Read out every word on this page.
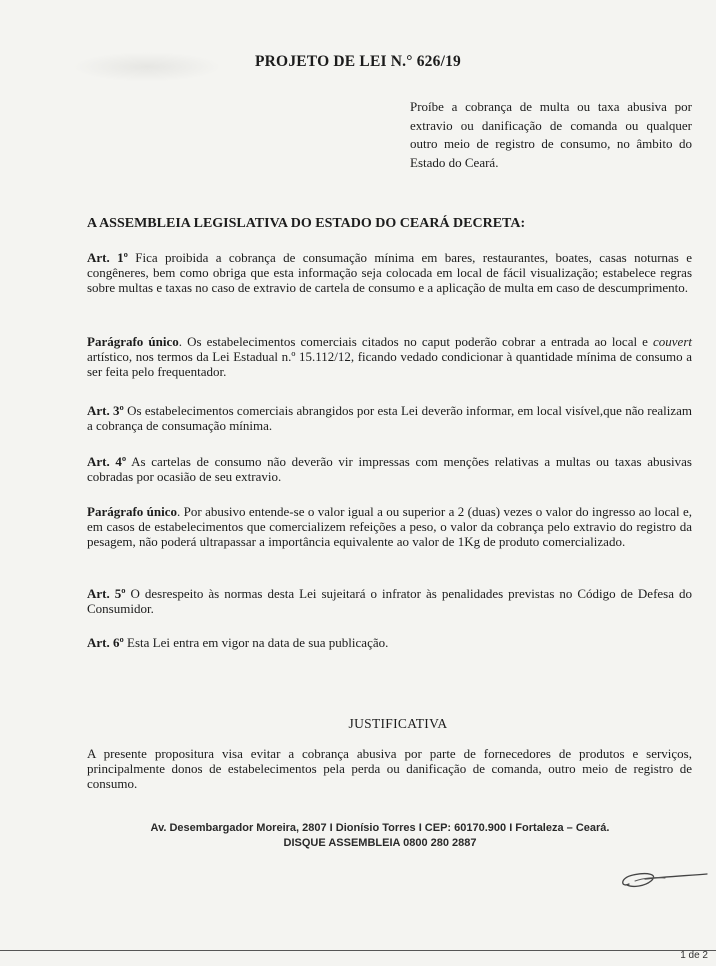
PROJETO DE LEI N.° 626/19
Proíbe a cobrança de multa ou taxa abusiva por extravio ou danificação de comanda ou qualquer outro meio de registro de consumo, no âmbito do Estado do Ceará.
A ASSEMBLEIA LEGISLATIVA DO ESTADO DO CEARÁ DECRETA:
Art. 1º Fica proibida a cobrança de consumação mínima em bares, restaurantes, boates, casas noturnas e congêneres, bem como obriga que esta informação seja colocada em local de fácil visualização; estabelece regras sobre multas e taxas no caso de extravio de cartela de consumo e a aplicação de multa em caso de descumprimento.
Parágrafo único. Os estabelecimentos comerciais citados no caput poderão cobrar a entrada ao local e couvert artístico, nos termos da Lei Estadual n.º 15.112/12, ficando vedado condicionar à quantidade mínima de consumo a ser feita pelo frequentador.
Art. 3º Os estabelecimentos comerciais abrangidos por esta Lei deverão informar, em local visível,que não realizam a cobrança de consumação mínima.
Art. 4º As cartelas de consumo não deverão vir impressas com menções relativas a multas ou taxas abusivas cobradas por ocasião de seu extravio.
Parágrafo único. Por abusivo entende-se o valor igual a ou superior a 2 (duas) vezes o valor do ingresso ao local e, em casos de estabelecimentos que comercializem refeições a peso, o valor da cobrança pelo extravio do registro da pesagem, não poderá ultrapassar a importância equivalente ao valor de 1Kg de produto comercializado.
Art. 5º O desrespeito às normas desta Lei sujeitará o infrator às penalidades previstas no Código de Defesa do Consumidor.
Art. 6º Esta Lei entra em vigor na data de sua publicação.
JUSTIFICATIVA
A presente propositura visa evitar a cobrança abusiva por parte de fornecedores de produtos e serviços, principalmente donos de estabelecimentos pela perda ou danificação de comanda, outro meio de registro de consumo.
Av. Desembargador Moreira, 2807 I Dionísio Torres I CEP: 60170.900 I Fortaleza – Ceará.
DISQUE ASSEMBLEIA 0800 280 2887
1 de 2
